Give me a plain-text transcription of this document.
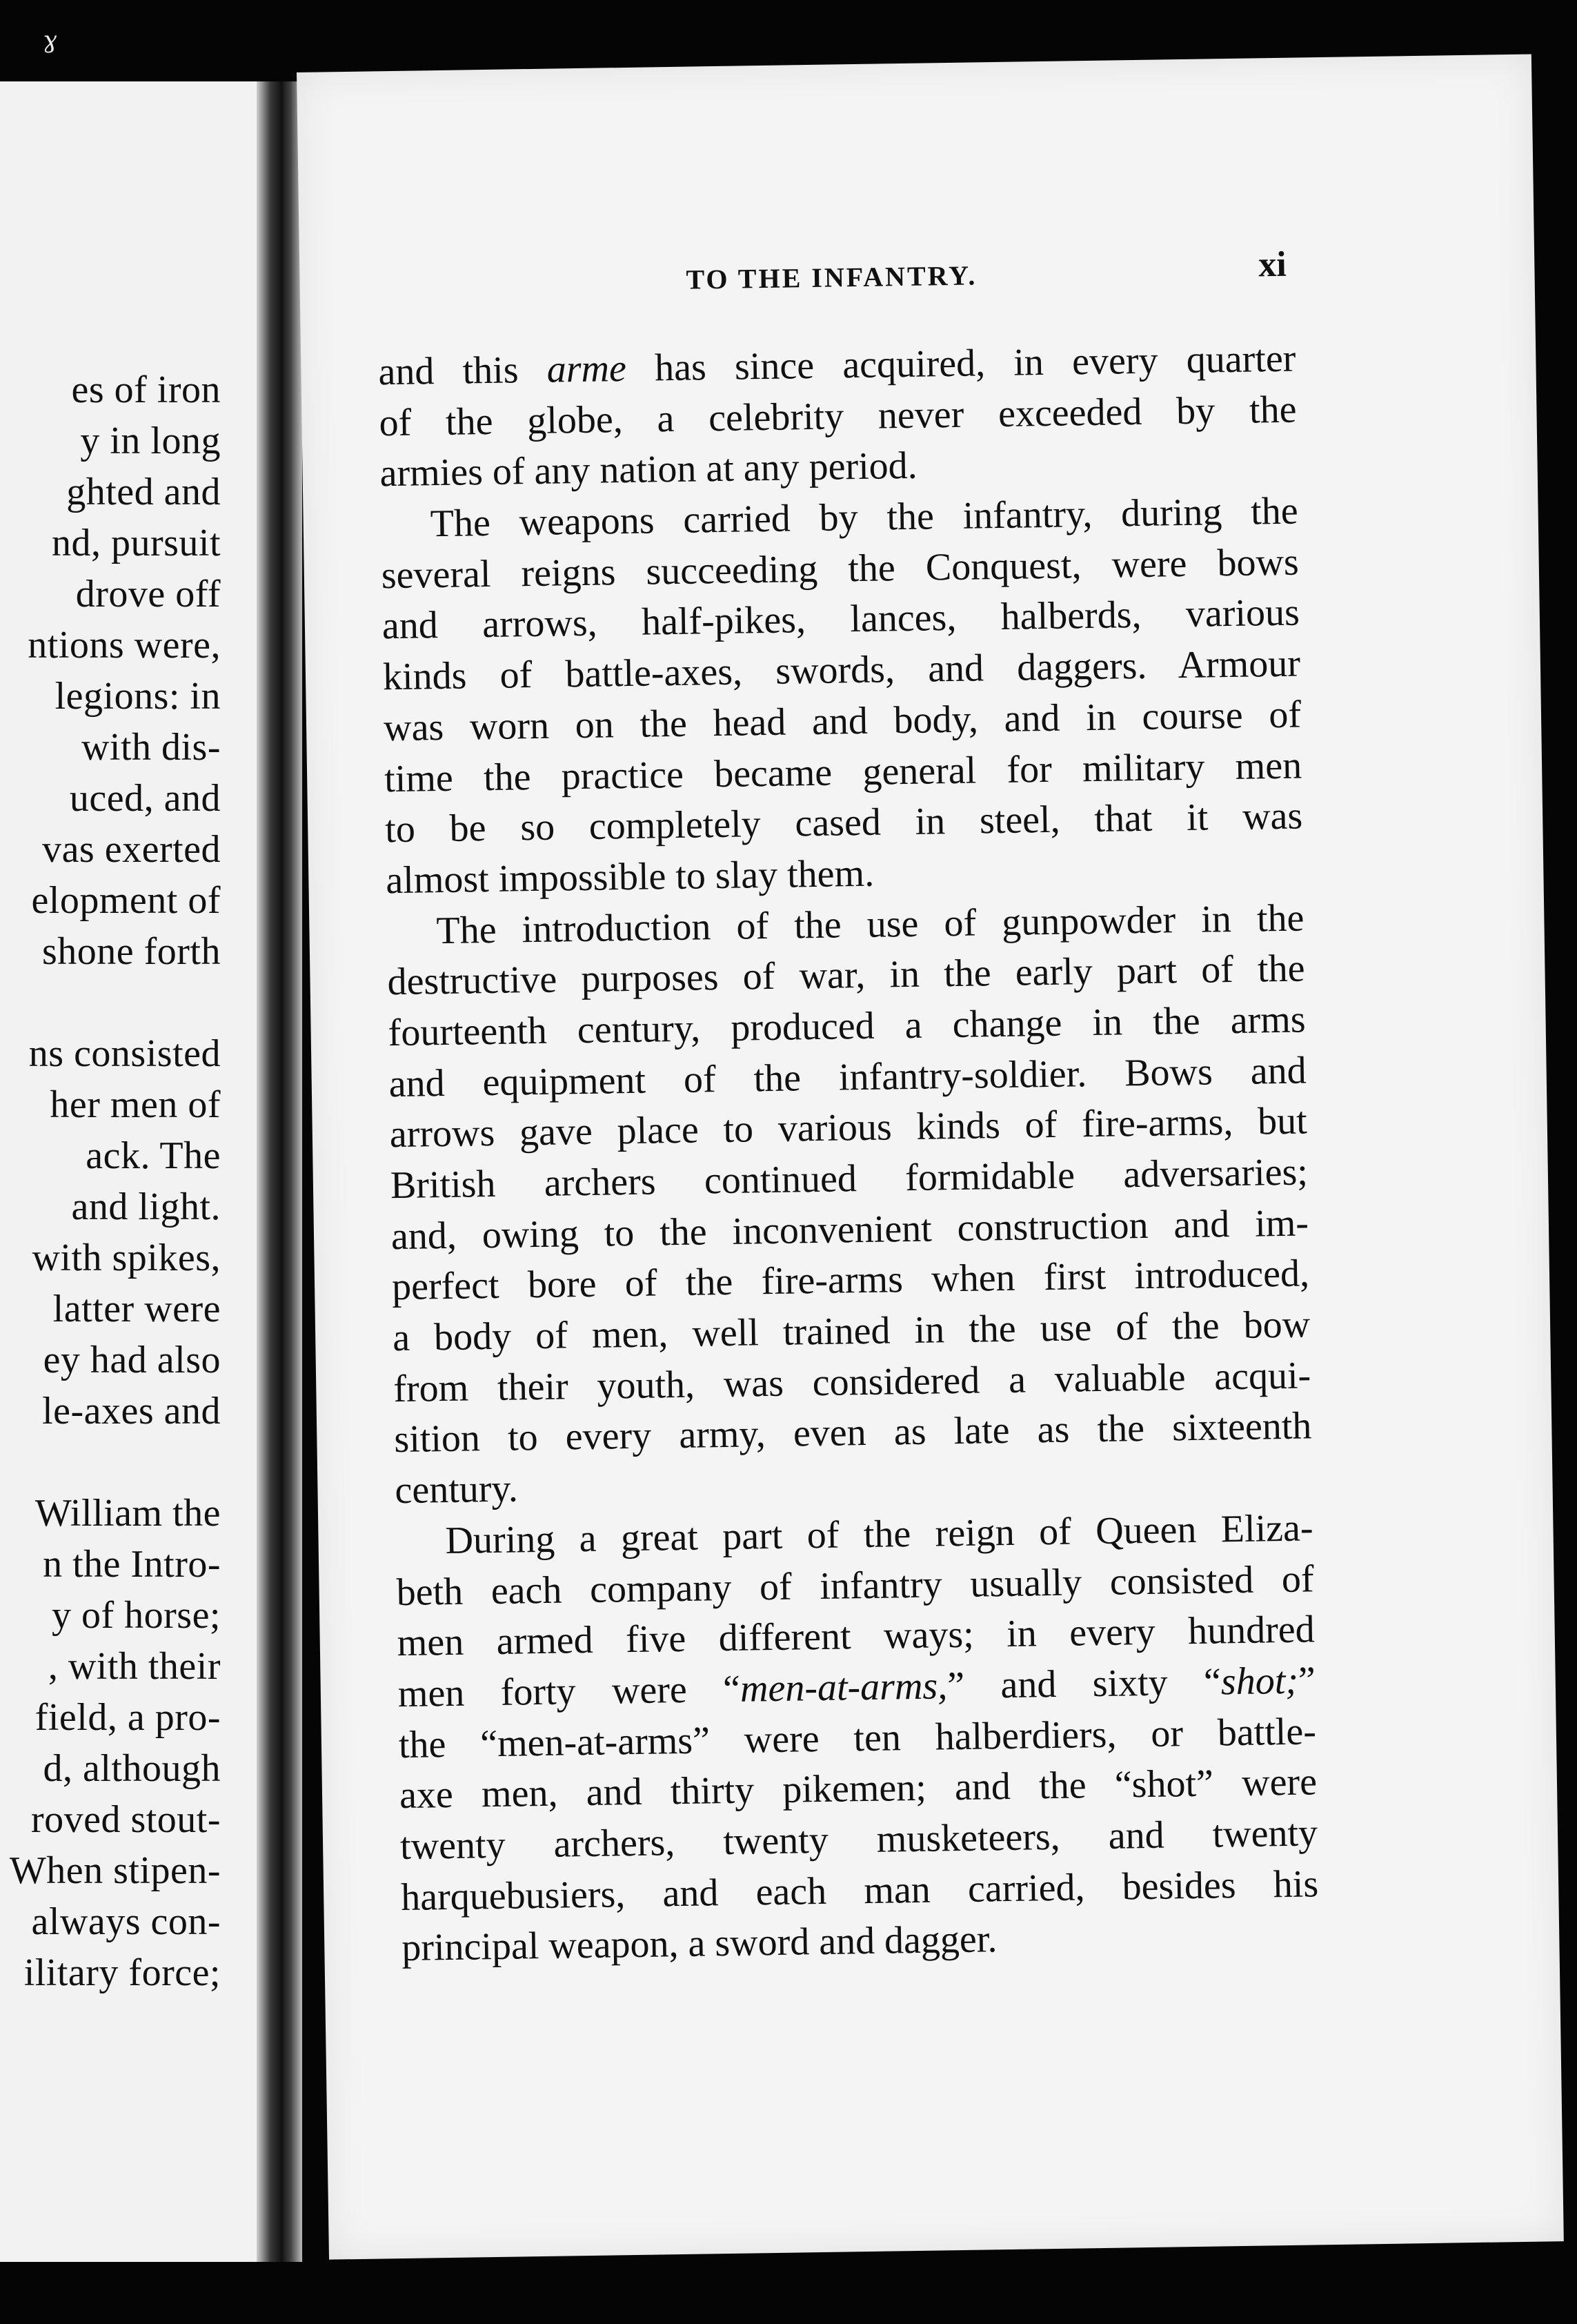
ɣ
es of iron
y in long
ghted and
nd, pursuit
drove off
ntions were,
legions: in
with dis-
uced, and
vas exerted
elopment of
shone forth
ns consisted
her men of
ack. The
and light.
with spikes,
latter were
ey had also
le-axes and
William the
n the Intro-
y of horse;
, with their
field, a pro-
d, although
roved stout-
When stipen-
always con-
ilitary force;
TO THE INFANTRY.	xi
and this arme has since acquired, in every quarter
of the globe, a celebrity never exceeded by the
armies of any nation at any period.
The weapons carried by the infantry, during the
several reigns succeeding the Conquest, were bows
and arrows, half-pikes, lances, halberds, various
kinds of battle-axes, swords, and daggers. Armour
was worn on the head and body, and in course of
time the practice became general for military men
to be so completely cased in steel, that it was
almost impossible to slay them.
The introduction of the use of gunpowder in the
destructive purposes of war, in the early part of the
fourteenth century, produced a change in the arms
and equipment of the infantry-soldier. Bows and
arrows gave place to various kinds of fire-arms, but
British archers continued formidable adversaries;
and, owing to the inconvenient construction and im-
perfect bore of the fire-arms when first introduced,
a body of men, well trained in the use of the bow
from their youth, was considered a valuable acqui-
sition to every army, even as late as the sixteenth
century.
During a great part of the reign of Queen Eliza-
beth each company of infantry usually consisted of
men armed five different ways; in every hundred
men forty were “men-at-arms,” and sixty “shot;”
the “men-at-arms” were ten halberdiers, or battle-
axe men, and thirty pikemen; and the “shot” were
twenty archers, twenty musketeers, and twenty
harquebusiers, and each man carried, besides his
principal weapon, a sword and dagger.
